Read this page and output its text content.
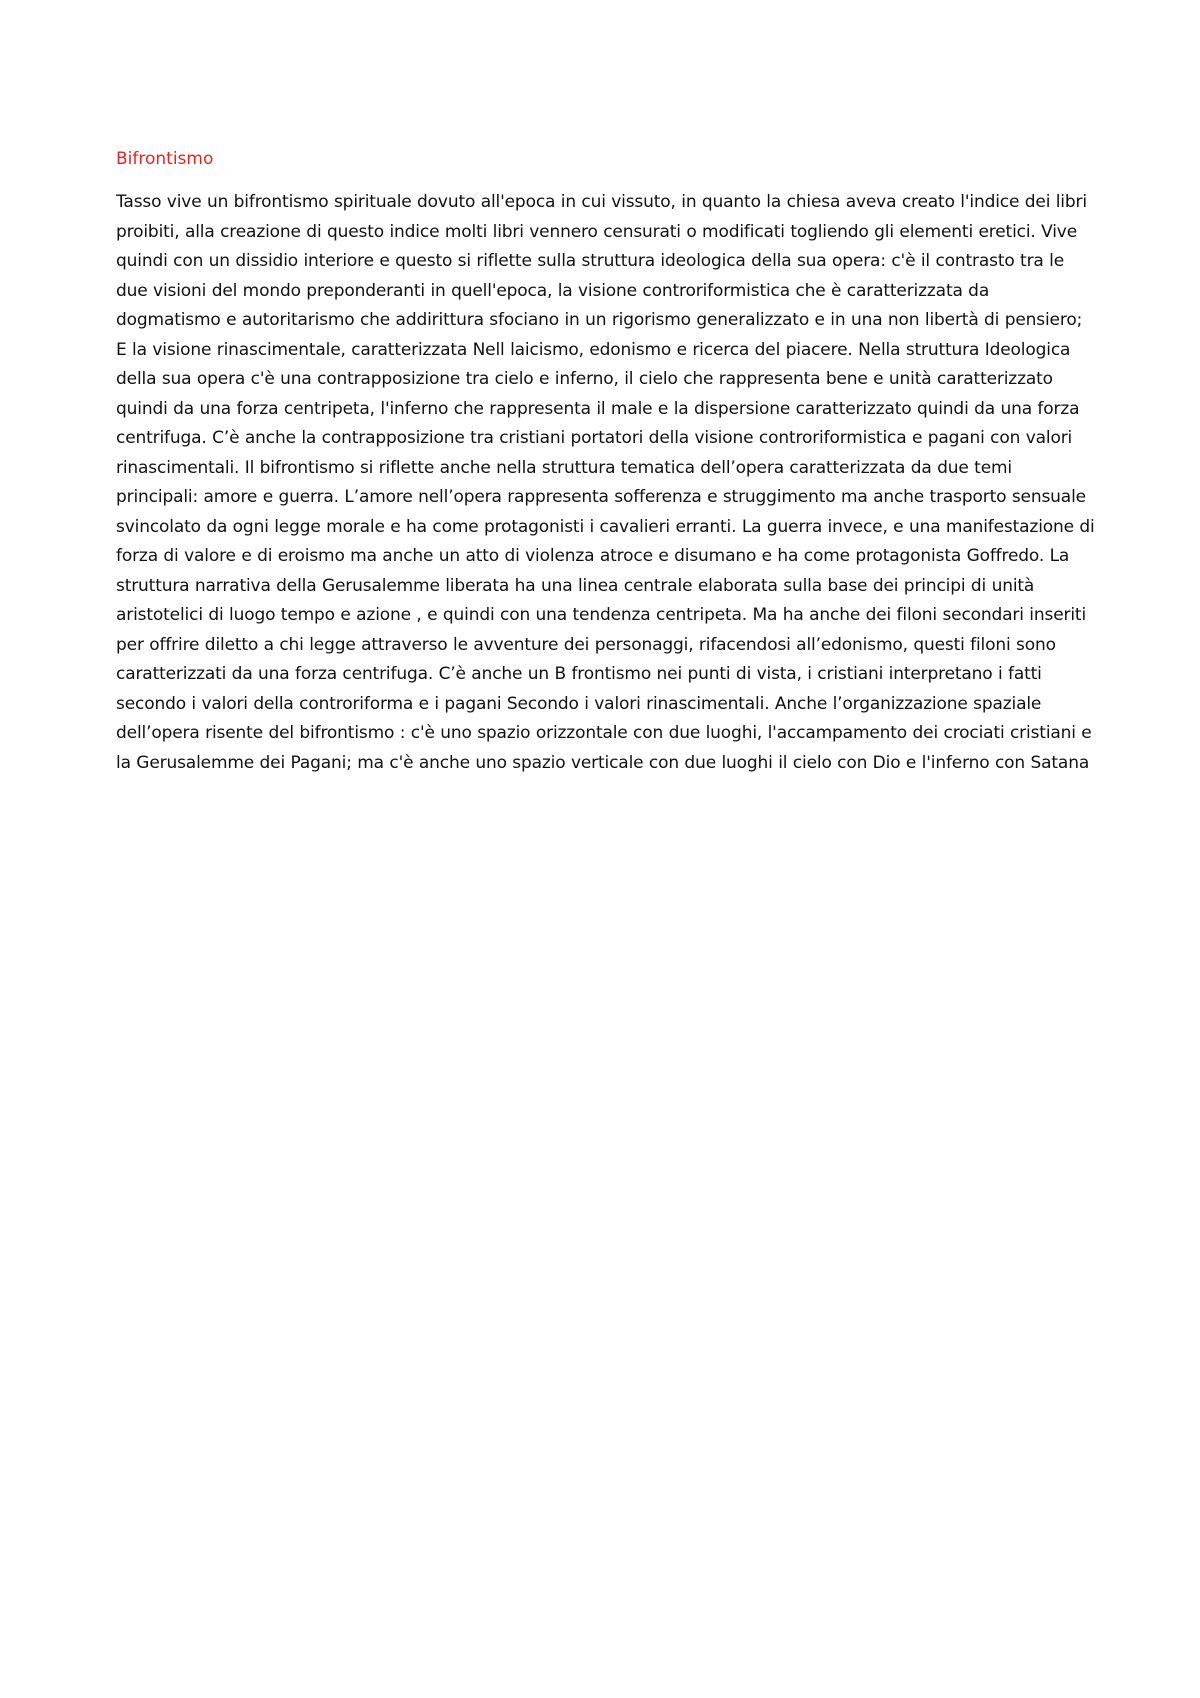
Bifrontismo

Tasso vive un bifrontismo spirituale dovuto all'epoca in cui vissuto, in quanto la chiesa aveva creato l'indice dei libri proibiti, alla creazione di questo indice molti libri vennero censurati o modificati togliendo gli elementi eretici. Vive quindi con un dissidio interiore e questo si riflette sulla struttura ideologica della sua opera: c'è il contrasto tra le due visioni del mondo preponderanti in quell'epoca, la visione controriformistica che è caratterizzata da dogmatismo e autoritarismo che addirittura sfociano in un rigorismo generalizzato e in una non libertà di pensiero; E la visione rinascimentale, caratterizzata Nell laicismo, edonismo e ricerca del piacere. Nella struttura Ideologica della sua opera c'è una contrapposizione tra cielo e inferno, il cielo che rappresenta bene e unità caratterizzato quindi da una forza centripeta, l'inferno che rappresenta il male e la dispersione caratterizzato quindi da una forza centrifuga. C’è anche la contrapposizione tra cristiani portatori della visione controriformistica e pagani con valori rinascimentali. Il bifrontismo si riflette anche nella struttura tematica dell’opera caratterizzata da due temi principali: amore e guerra. L’amore nell’opera rappresenta sofferenza e struggimento ma anche trasporto sensuale svincolato da ogni legge morale e ha come protagonisti i cavalieri erranti. La guerra invece, e una manifestazione di forza di valore e di eroismo ma anche un atto di violenza atroce e disumano e ha come protagonista Goffredo. La struttura narrativa della Gerusalemme liberata ha una linea centrale elaborata sulla base dei principi di unità aristotelici di luogo tempo e azione , e quindi con una tendenza centripeta. Ma ha anche dei filoni secondari inseriti per offrire diletto a chi legge attraverso le avventure dei personaggi, rifacendosi all’edonismo, questi filoni sono caratterizzati da una forza centrifuga. C’è anche un B frontismo nei punti di vista, i cristiani interpretano i fatti secondo i valori della controriforma e i pagani Secondo i valori rinascimentali. Anche l’organizzazione spaziale dell’opera risente del bifrontismo : c'è uno spazio orizzontale con due luoghi, l'accampamento dei crociati cristiani e la Gerusalemme dei Pagani; ma c'è anche uno spazio verticale con due luoghi il cielo con Dio e l'inferno con Satana
